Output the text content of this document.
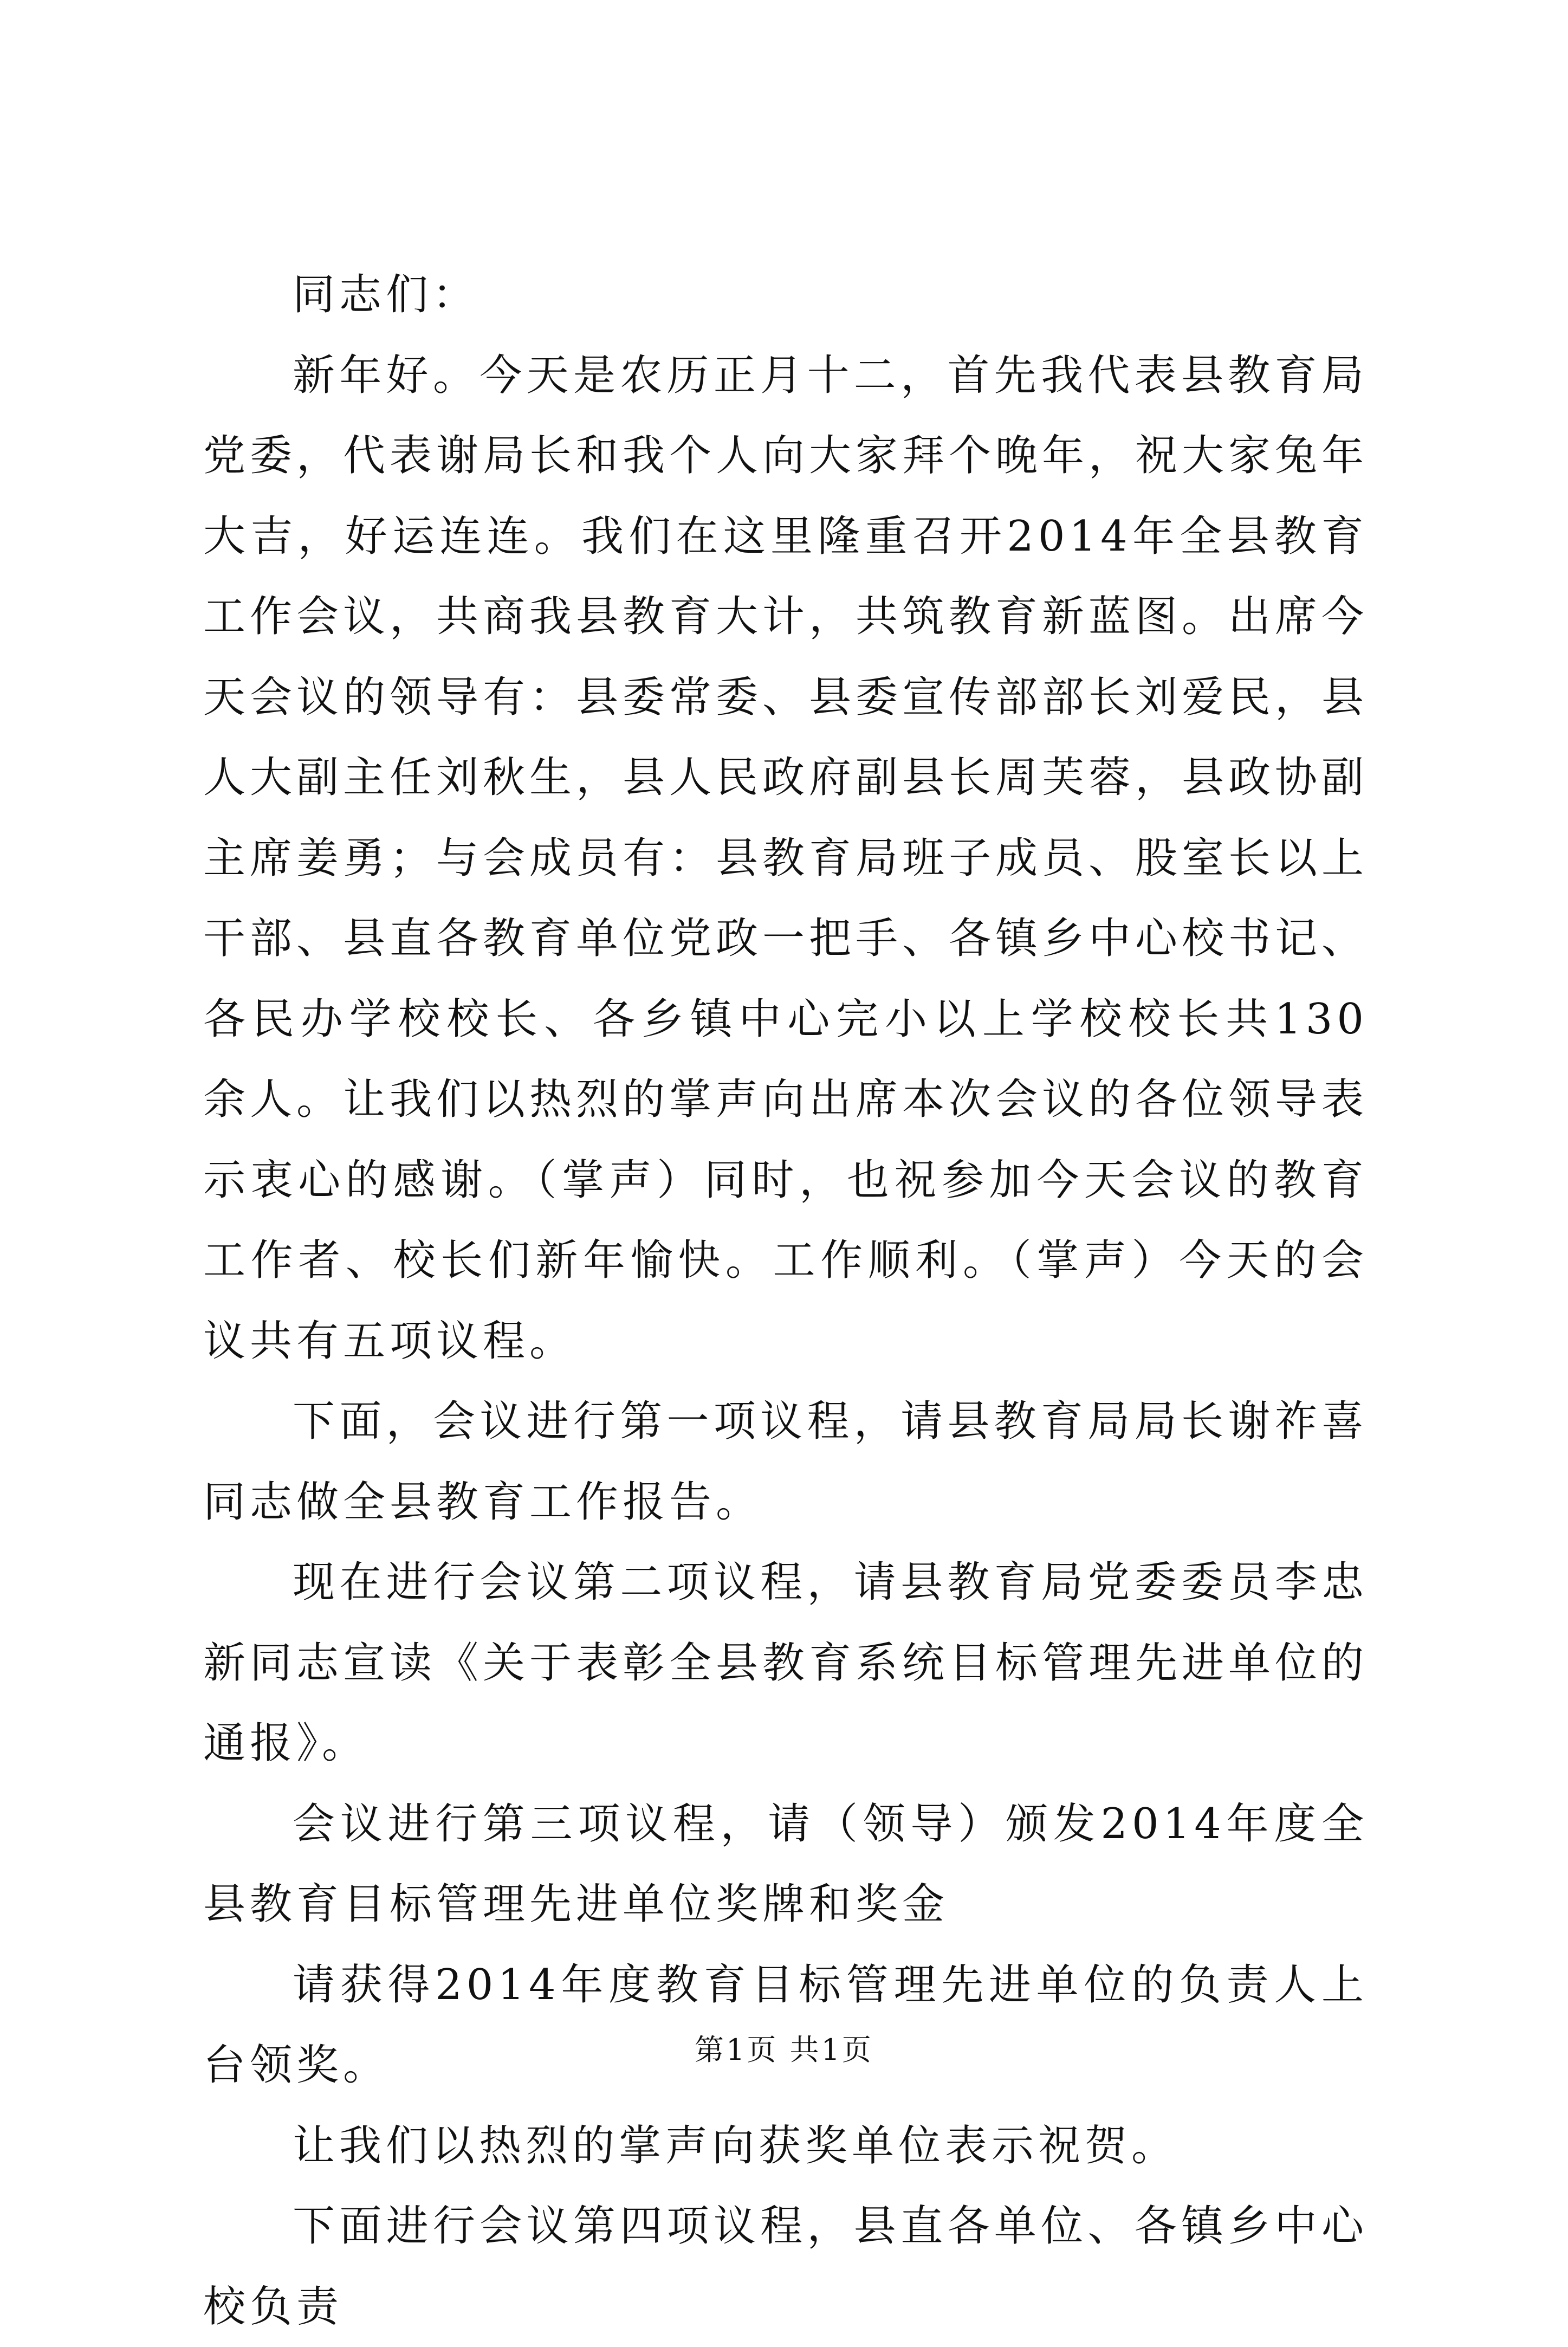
同志们：

新年好。今天是农历正月十二，首先我代表县教育局党委，代表谢局长和我个人向大家拜个晚年，祝大家兔年大吉，好运连连。我们在这里隆重召开2014年全县教育工作会议，共商我县教育大计，共筑教育新蓝图。出席今天会议的领导有：县委常委、县委宣传部部长刘爱民，县人大副主任刘秋生，县人民政府副县长周芙蓉，县政协副主席姜勇；与会成员有：县教育局班子成员、股室长以上干部、县直各教育单位党政一把手、各镇乡中心校书记、各民办学校校长、各乡镇中心完小以上学校校长共130余人。让我们以热烈的掌声向出席本次会议的各位领导表示衷心的感谢。（掌声）同时，也祝参加今天会议的教育工作者、校长们新年愉快。工作顺利。（掌声）今天的会议共有五项议程。

下面，会议进行第一项议程，请县教育局局长谢祚喜同志做全县教育工作报告。

现在进行会议第二项议程，请县教育局党委委员李忠新同志宣读《关于表彰全县教育系统目标管理先进单位的通报》。

会议进行第三项议程，请（领导）颁发2014年度全县教育目标管理先进单位奖牌和奖金

请获得2014年度教育目标管理先进单位的负责人上台领奖。

让我们以热烈的掌声向获奖单位表示祝贺。

下面进行会议第四项议程，县直各单位、各镇乡中心校负责

第1页 共1页
